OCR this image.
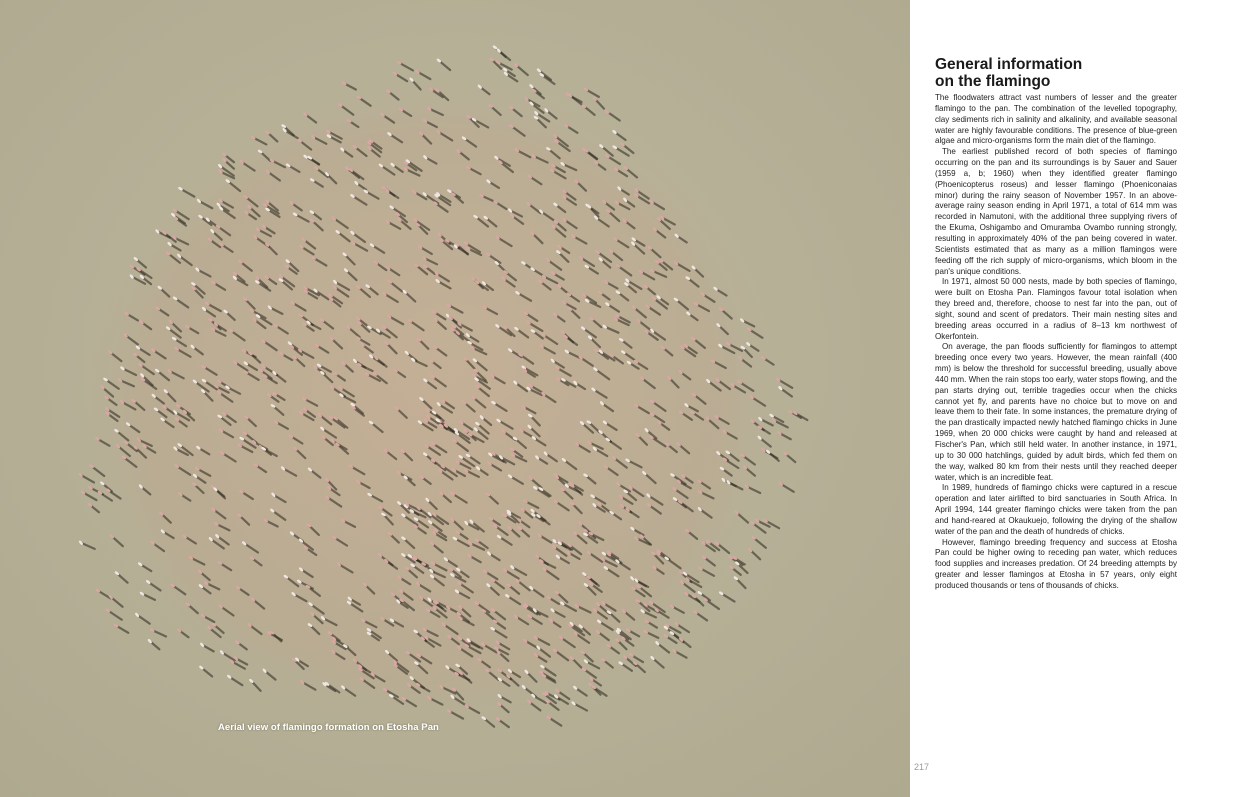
Aerial view of flamingo formation on Etosha Pan
217
General information
on the flamingo

The floodwaters attract vast numbers of lesser and the greater flamingo to the pan. The combination of the levelled topography, clay sediments rich in salinity and alkalinity, and available seasonal water are highly favourable conditions. The presence of blue-green algae and micro-organisms form the main diet of the flamingo.

The earliest published record of both species of flamingo occurring on the pan and its surroundings is by Sauer and Sauer (1959 a, b; 1960) when they identified greater flamingo (Phoenicopterus roseus) and lesser flamingo (Phoeniconaias minor) during the rainy season of November 1957. In an above-average rainy season ending in April 1971, a total of 614 mm was recorded in Namutoni, with the additional three supplying rivers of the Ekuma, Oshigambo and Omuramba Ovambo running strongly, resulting in approximately 40% of the pan being covered in water. Scientists estimated that as many as a million flamingos were feeding off the rich supply of micro-organisms, which bloom in the pan's unique conditions.

In 1971, almost 50 000 nests, made by both species of flamingo, were built on Etosha Pan. Flamingos favour total isolation when they breed and, therefore, choose to nest far into the pan, out of sight, sound and scent of predators. Their main nesting sites and breeding areas occurred in a radius of 8–13 km northwest of Okerfontein.

On average, the pan floods sufficiently for flamingos to attempt breeding once every two years. However, the mean rainfall (400 mm) is below the threshold for successful breeding, usually above 440 mm. When the rain stops too early, water stops flowing, and the pan starts drying out, terrible tragedies occur when the chicks cannot yet fly, and parents have no choice but to move on and leave them to their fate. In some instances, the premature drying of the pan drastically impacted newly hatched flamingo chicks in June 1969, when 20 000 chicks were caught by hand and released at Fischer's Pan, which still held water. In another instance, in 1971, up to 30 000 hatchlings, guided by adult birds, which fed them on the way, walked 80 km from their nests until they reached deeper water, which is an incredible feat.

In 1989, hundreds of flamingo chicks were captured in a rescue operation and later airlifted to bird sanctuaries in South Africa. In April 1994, 144 greater flamingo chicks were taken from the pan and hand-reared at Okaukuejo, following the drying of the shallow water of the pan and the death of hundreds of chicks.

However, flamingo breeding frequency and success at Etosha Pan could be higher owing to receding pan water, which reduces food supplies and increases predation. Of 24 breeding attempts by greater and lesser flamingos at Etosha in 57 years, only eight produced thousands or tens of thousands of chicks.
